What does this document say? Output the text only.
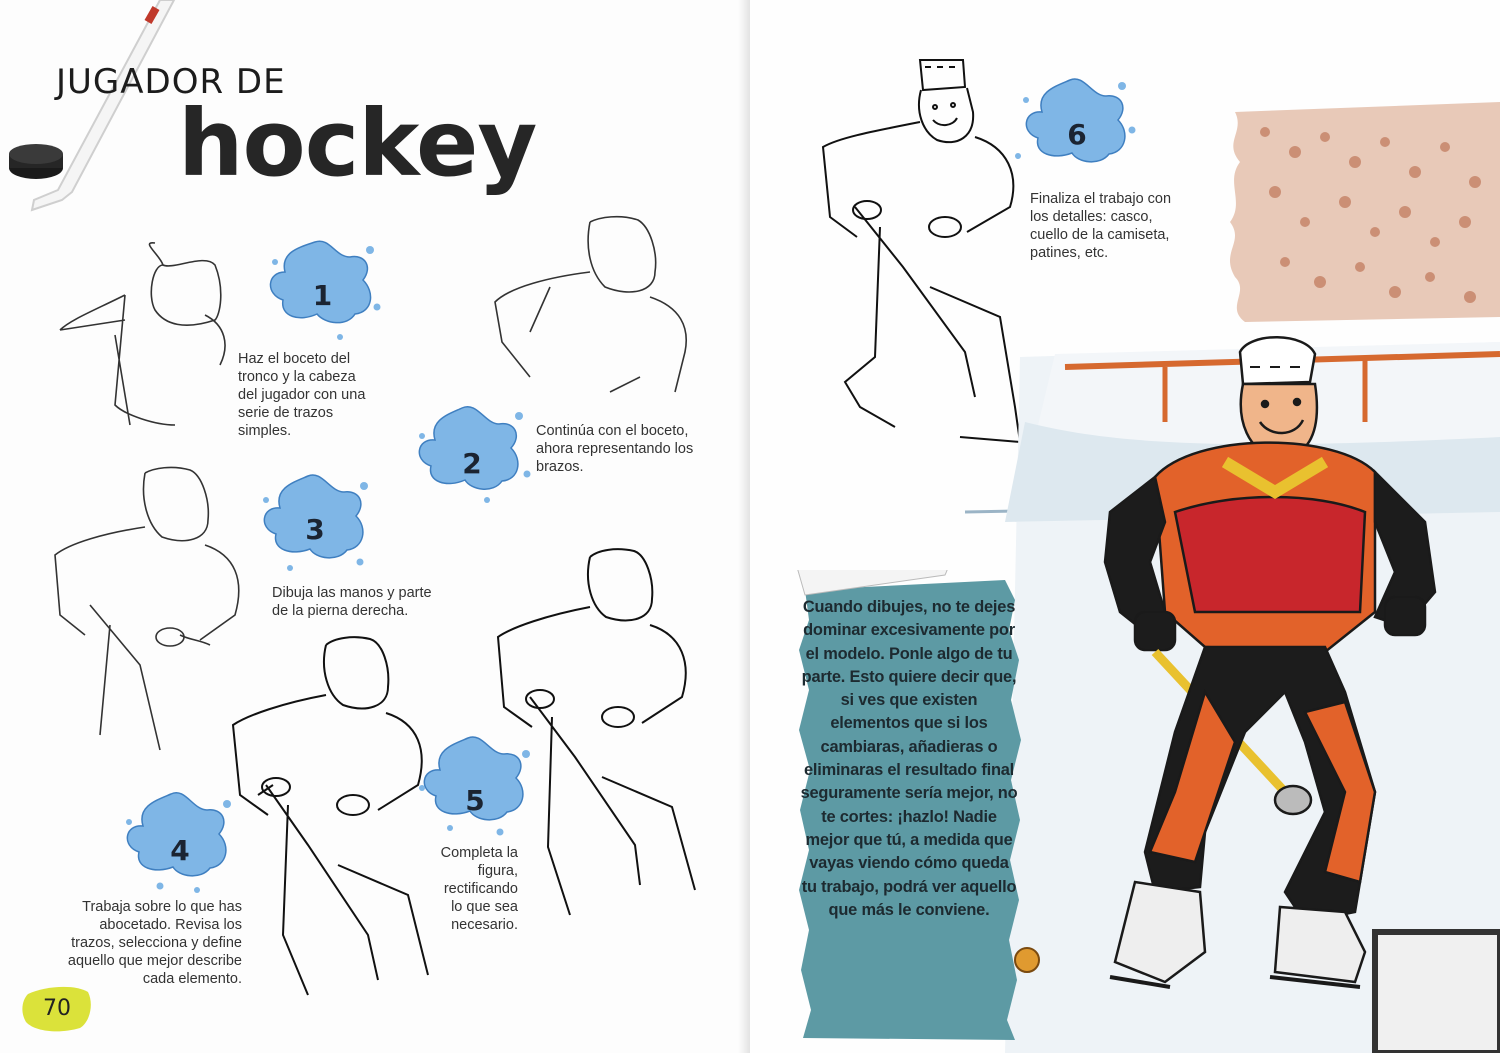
JUGADOR DE
hockey
1

Haz el boceto del tronco y la cabeza del jugador con una serie de trazos simples.

2

Continúa con el boceto, ahora representando los brazos.

3

Dibuja las manos y parte de la pierna derecha.

4

Trabaja sobre lo que has abocetado. Revisa los trazos, selecciona y define aquello que mejor describe cada elemento.

5

Completa la figura, rectificando lo que sea necesario.

70
6

Finaliza el trabajo con los detalles: casco, cuello de la camiseta, patines, etc.

Cuando dibujes, no te dejes dominar excesivamente por el modelo. Ponle algo de tu parte. Esto quiere decir que, si ves que existen elementos que si los cambiaras, añadieras o eliminaras el resultado final seguramente sería mejor, no te cortes: ¡hazlo! Nadie mejor que tú, a medida que vayas viendo cómo queda tu trabajo, podrá ver aquello que más le conviene.
